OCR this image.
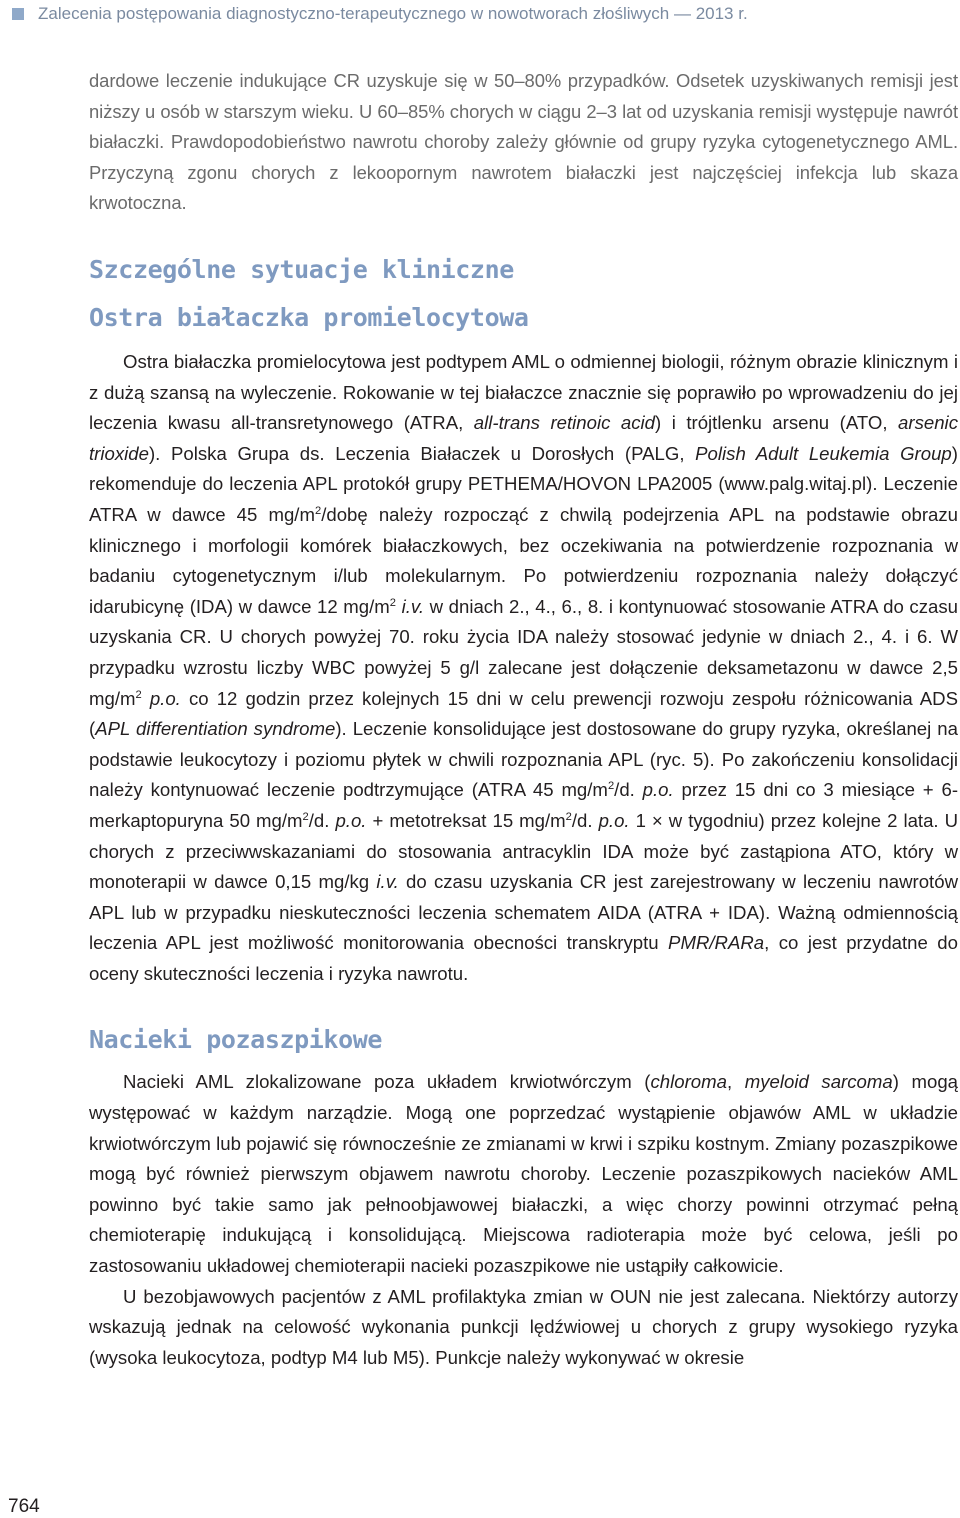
Zalecenia postępowania diagnostyczno-terapeutycznego w nowotworach złośliwych — 2013 r.

dardowe leczenie indukujące CR uzyskuje się w 50–80% przypadków. Odsetek uzyskiwanych remisji jest niższy u osób w starszym wieku. U 60–85% chorych w ciągu 2–3 lat od uzyskania remisji występuje nawrót białaczki. Prawdopodobieństwo nawrotu choroby zależy głównie od grupy ryzyka cytogenetycznego AML. Przyczyną zgonu chorych z lekoopornym nawrotem białaczki jest najczęściej infekcja lub skaza krwotoczna.

Szczególne sytuacje kliniczne
Ostra białaczka promielocytowa

Ostra białaczka promielocytowa jest podtypem AML o odmiennej biologii, różnym obrazie klinicznym i z dużą szansą na wyleczenie. Rokowanie w tej białaczce znacznie się poprawiło po wprowadzeniu do jej leczenia kwasu all-transretynowego (ATRA, all-trans retinoic acid) i trójtlenku arsenu (ATO, arsenic trioxide). Polska Grupa ds. Leczenia Białaczek u Dorosłych (PALG, Polish Adult Leukemia Group) rekomenduje do leczenia APL protokół grupy PETHEMA/HOVON LPA2005 (www.palg.witaj.pl). Leczenie ATRA w dawce 45 $mg/m^2$/dobę należy rozpocząć z chwilą podejrzenia APL na podstawie obrazu klinicznego i morfologii komórek białaczkowych, bez oczekiwania na potwierdzenie rozpoznania w badaniu cytogenetycznym i/lub molekularnym. Po potwierdzeniu rozpoznania należy dołączyć idarubicynę (IDA) w dawce 12 $mg/m^2$ i.v. w dniach 2., 4., 6., 8. i kontynuować stosowanie ATRA do czasu uzyskania CR. U chorych powyżej 70. roku życia IDA należy stosować jedynie w dniach 2., 4. i 6. W przypadku wzrostu liczby WBC powyżej 5 g/l zalecane jest dołączenie deksametazonu w dawce 2,5 $mg/m^2$ p.o. co 12 godzin przez kolejnych 15 dni w celu prewencji rozwoju zespołu różnicowania ADS (APL differentiation syndrome). Leczenie konsolidujące jest dostosowane do grupy ryzyka, określanej na podstawie leukocytozy i poziomu płytek w chwili rozpoznania APL (ryc. 5). Po zakończeniu konsolidacji należy kontynuować leczenie podtrzymujące (ATRA 45 $mg/m^2/d$. p.o. przez 15 dni co 3 miesiące + 6-merkaptopuryna 50 $mg/m^2/d$. p.o. + metotreksat 15 $mg/m^2/d$. p.o. 1 × w tygodniu) przez kolejne 2 lata. U chorych z przeciwwskazaniami do stosowania antracyklin IDA może być zastąpiona ATO, który w monoterapii w dawce 0,15 mg/kg i.v. do czasu uzyskania CR jest zarejestrowany w leczeniu nawrotów APL lub w przypadku nieskuteczności leczenia schematem AIDA (ATRA + IDA). Ważną odmiennością leczenia APL jest możliwość monitorowania obecności transkryptu PMR/RARa, co jest przydatne do oceny skuteczności leczenia i ryzyka nawrotu.

Nacieki pozaszpikowe

Nacieki AML zlokalizowane poza układem krwiotwórczym (chloroma, myeloid sarcoma) mogą występować w każdym narządzie. Mogą one poprzedzać wystąpienie objawów AML w układzie krwiotwórczym lub pojawić się równocześnie ze zmianami w krwi i szpiku kostnym. Zmiany pozaszpikowe mogą być również pierwszym objawem nawrotu choroby. Leczenie pozaszpikowych nacieków AML powinno być takie samo jak pełnoobjawowej białaczki, a więc chorzy powinni otrzymać pełną chemioterapię indukującą i konsolidującą. Miejscowa radioterapia może być celowa, jeśli po zastosowaniu układowej chemioterapii nacieki pozaszpikowe nie ustąpiły całkowicie.

U bezobjawowych pacjentów z AML profilaktyka zmian w OUN nie jest zalecana. Niektórzy autorzy wskazują jednak na celowość wykonania punkcji lędźwiowej u chorych z grupy wysokiego ryzyka (wysoka leukocytoza, podtyp M4 lub M5). Punkcje należy wykonywać w okresie

764
